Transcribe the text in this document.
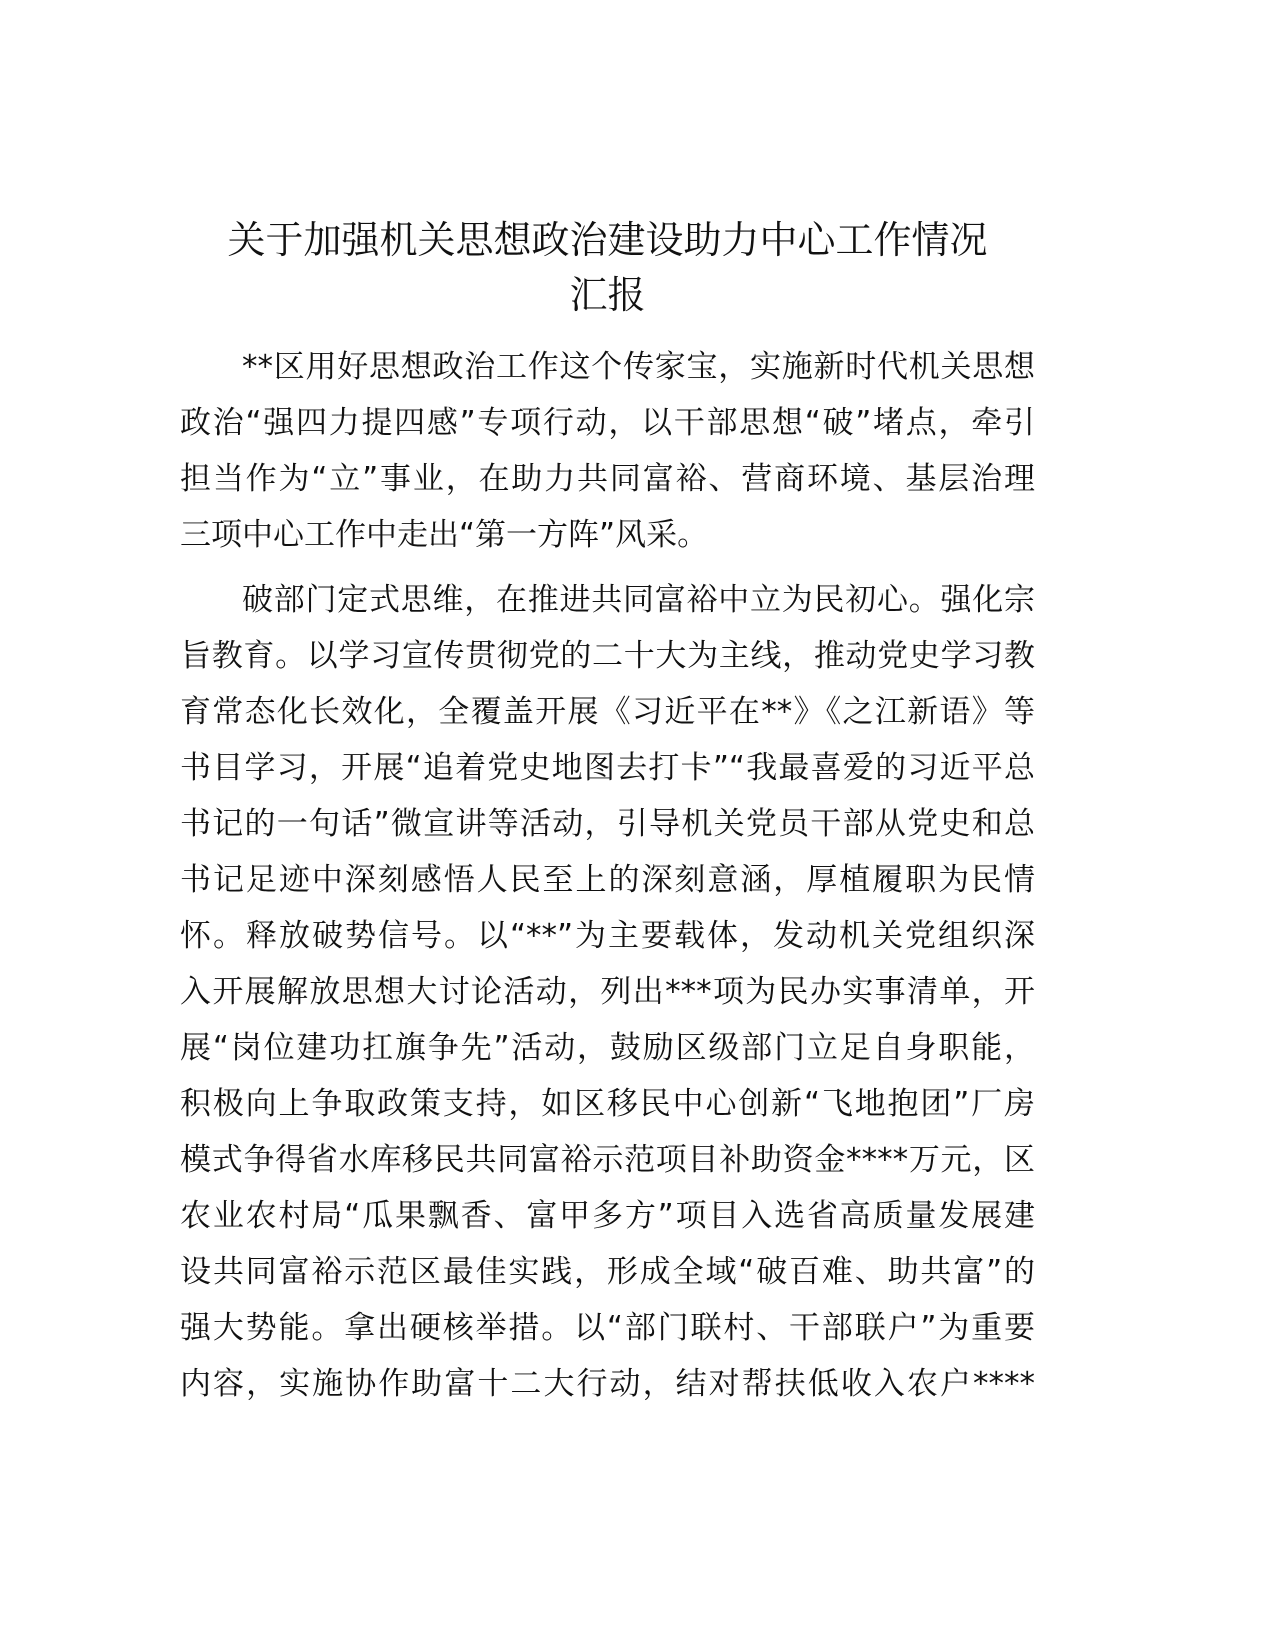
关于加强机关思想政治建设助力中心工作情况
汇报
**区用好思想政治工作这个传家宝，实施新时代机关思想
政治“强四力提四感”专项行动，以干部思想“破”堵点，牵引
担当作为“立”事业，在助力共同富裕、营商环境、基层治理
三项中心工作中走出“第一方阵”风采。
破部门定式思维，在推进共同富裕中立为民初心。强化宗
旨教育。以学习宣传贯彻党的二十大为主线，推动党史学习教
育常态化长效化，全覆盖开展《习近平在**》《之江新语》等
书目学习，开展“追着党史地图去打卡”“我最喜爱的习近平总
书记的一句话”微宣讲等活动，引导机关党员干部从党史和总
书记足迹中深刻感悟人民至上的深刻意涵，厚植履职为民情
怀。释放破势信号。以“**”为主要载体，发动机关党组织深
入开展解放思想大讨论活动，列出***项为民办实事清单，开
展“岗位建功扛旗争先”活动，鼓励区级部门立足自身职能，
积极向上争取政策支持，如区移民中心创新“飞地抱团”厂房
模式争得省水库移民共同富裕示范项目补助资金****万元，区
农业农村局“瓜果飘香、富甲多方”项目入选省高质量发展建
设共同富裕示范区最佳实践，形成全域“破百难、助共富”的
强大势能。拿出硬核举措。以“部门联村、干部联户”为重要
内容，实施协作助富十二大行动，结对帮扶低收入农户****
